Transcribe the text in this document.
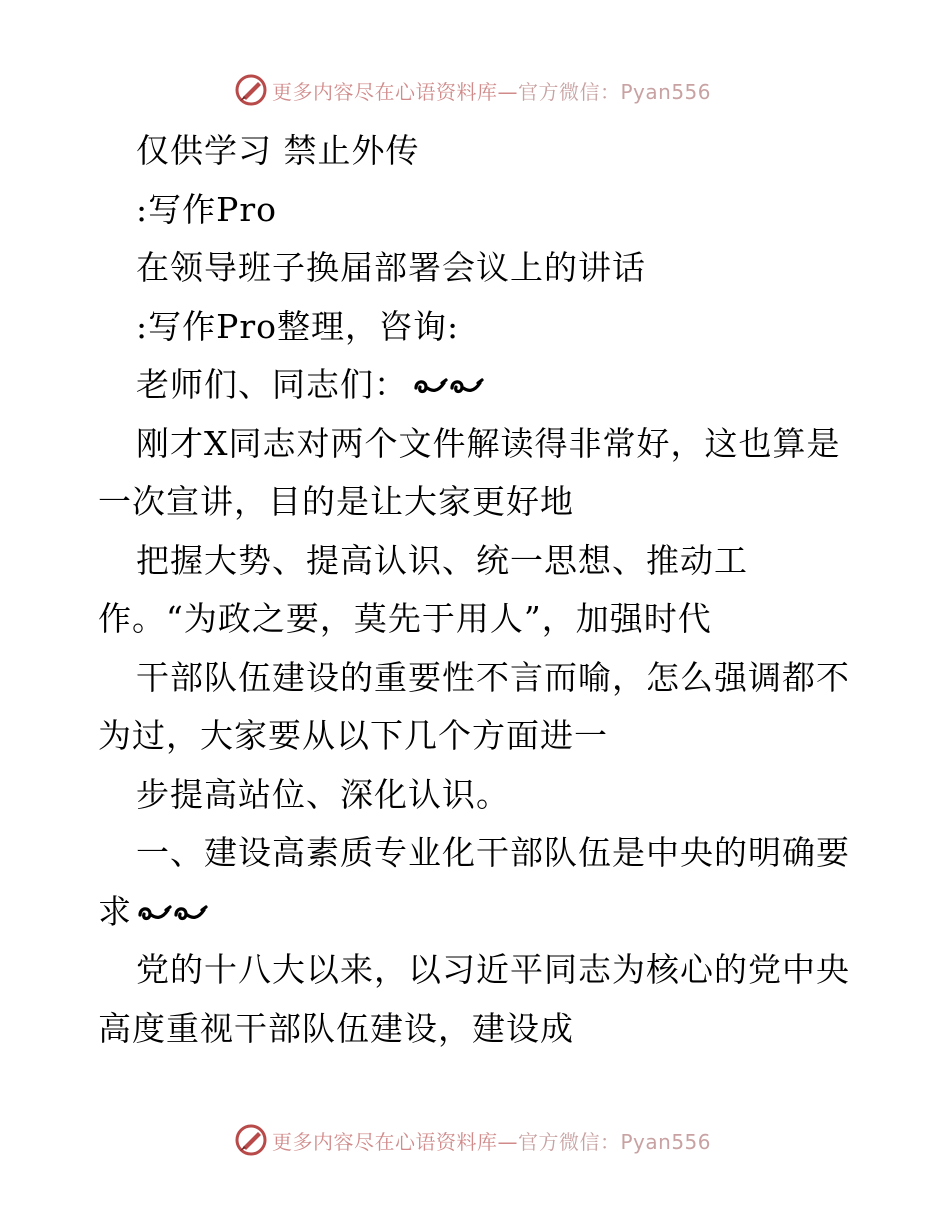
更多内容尽在心语资料库—官方微信：Pyan556
仅供学习 禁止外传
:写作Pro
在领导班子换届部署会议上的讲话
:写作Pro整理，咨询:
老师们、同志们：
刚才X同志对两个文件解读得非常好，这也算是
一次宣讲，目的是让大家更好地
把握大势、提高认识、统一思想、推动工
作。“为政之要，莫先于用人”，加强时代
干部队伍建设的重要性不言而喻，怎么强调都不
为过，大家要从以下几个方面进一
步提高站位、深化认识。
一、建设高素质专业化干部队伍是中央的明确要
求
党的十八大以来，以习近平同志为核心的党中央
高度重视干部队伍建设，建设成
更多内容尽在心语资料库—官方微信：Pyan556
